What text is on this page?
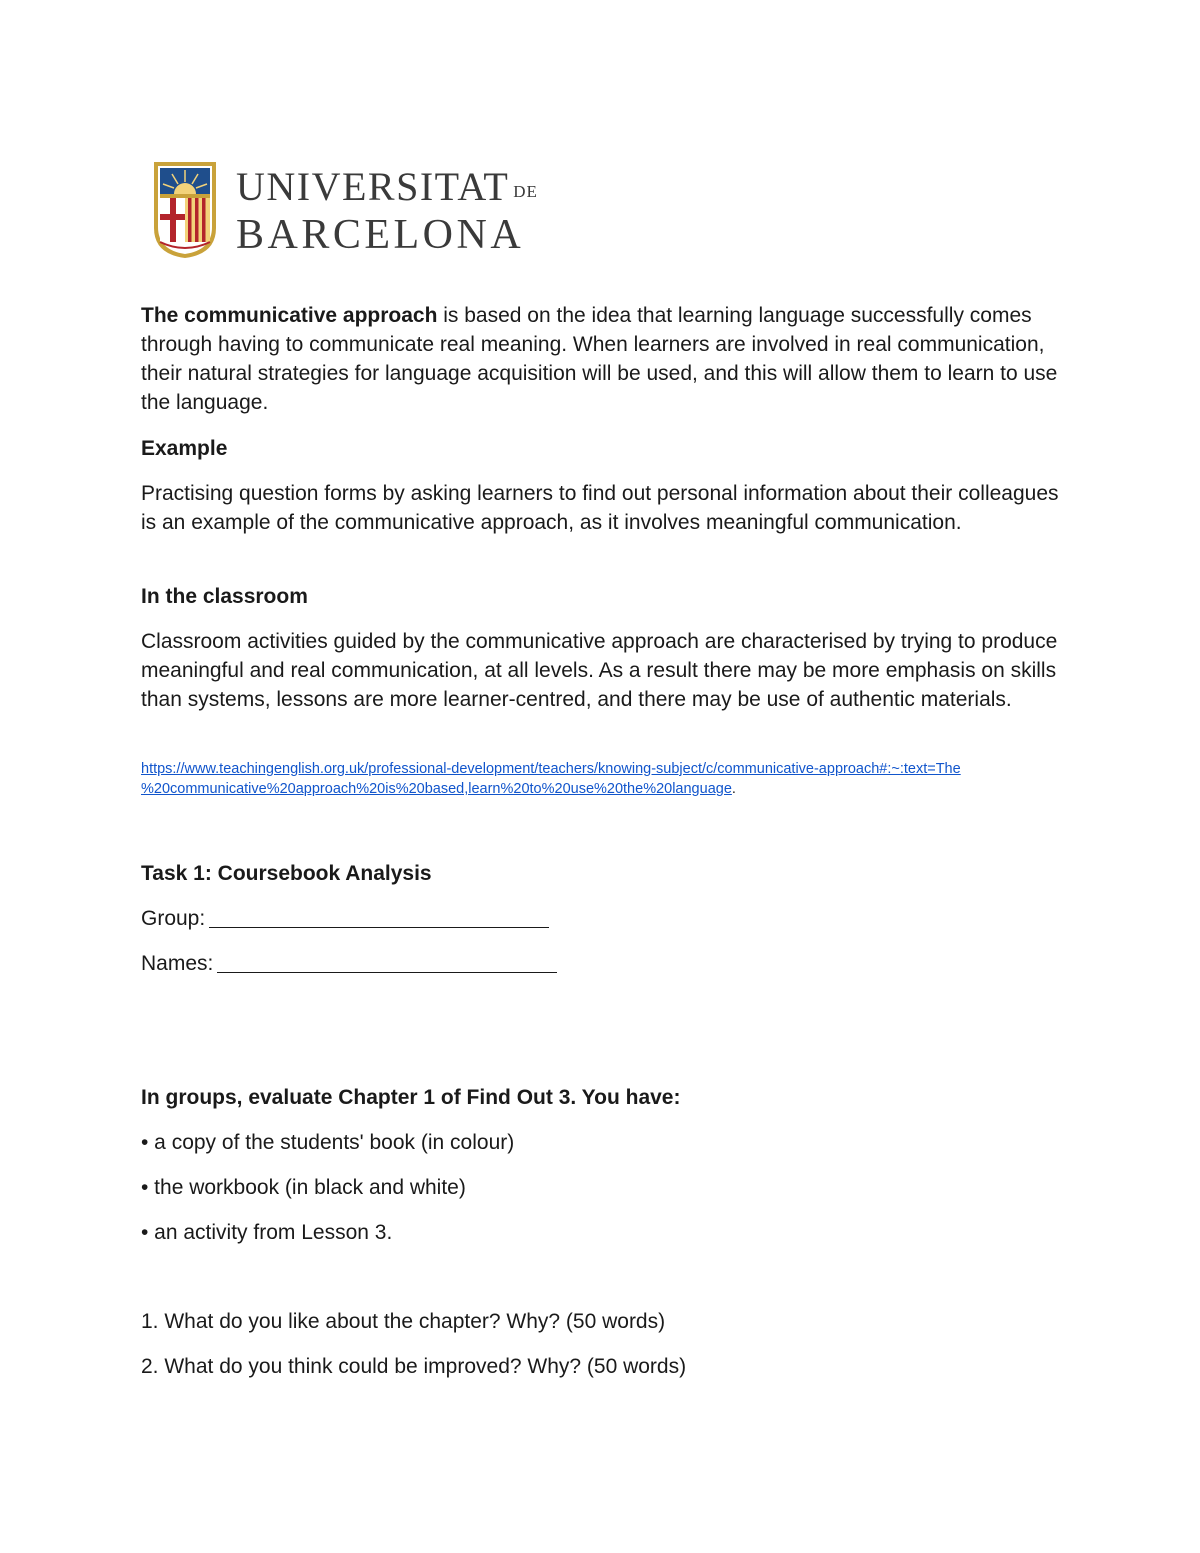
UNIVERSITAT DE
BARCELONA

The communicative approach is based on the idea that learning language successfully comes through having to communicate real meaning. When learners are involved in real communication, their natural strategies for language acquisition will be used, and this will allow them to learn to use the language.

Example

Practising question forms by asking learners to find out personal information about their colleagues is an example of the communicative approach, as it involves meaningful communication.

In the classroom

Classroom activities guided by the communicative approach are characterised by trying to produce meaningful and real communication, at all levels. As a result there may be more emphasis on skills than systems, lessons are more learner-centred, and there may be use of authentic materials.

https://www.teachingenglish.org.uk/professional-development/teachers/knowing-subject/c/communicative-approach#:~:text=The
%20communicative%20approach%20is%20based,learn%20to%20use%20the%20language.

Task 1: Coursebook Analysis

Group:

Names:

In groups, evaluate Chapter 1 of Find Out 3. You have:

• a copy of the students' book (in colour)

• the workbook (in black and white)

• an activity from Lesson 3.

1. What do you like about the chapter? Why? (50 words)

2. What do you think could be improved? Why? (50 words)
